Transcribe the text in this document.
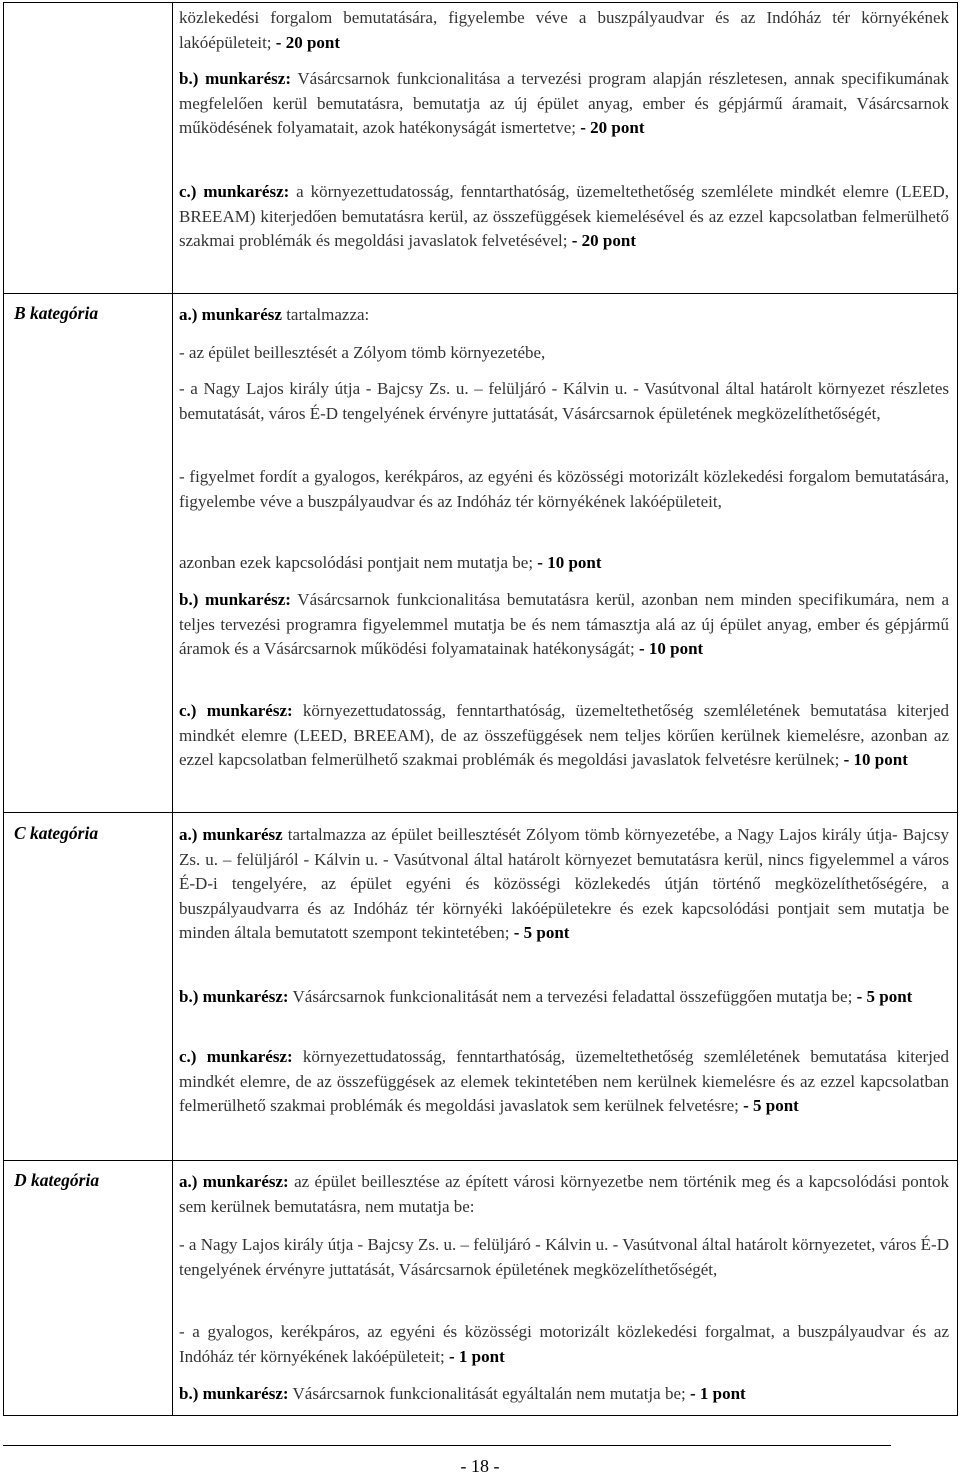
B kategória
C kategória
D kategória
közlekedési forgalom bemutatására, figyelembe véve a buszpályaudvar és az Indóház tér környékének lakóépületeit; - 20 pont
b.) munkarész: Vásárcsarnok funkcionalitása a tervezési program alapján részletesen, annak specifikumának megfelelően kerül bemutatásra, bemutatja az új épület anyag, ember és gépjármű áramait, Vásárcsarnok működésének folyamatait, azok hatékonyságát ismertetve; - 20 pont
c.) munkarész: a környezettudatosság, fenntarthatóság, üzemeltethetőség szemlélete mindkét elemre (LEED, BREEAM) kiterjedően bemutatásra kerül, az összefüggések kiemelésével és az ezzel kapcsolatban felmerülhető szakmai problémák és megoldási javaslatok felvetésével; - 20 pont
a.) munkarész tartalmazza:
- az épület beillesztését a Zólyom tömb környezetébe,
- a Nagy Lajos király útja - Bajcsy Zs. u. – felüljáró - Kálvin u. - Vasútvonal által határolt környezet részletes bemutatását, város É-D tengelyének érvényre juttatását, Vásárcsarnok épületének megközelíthetőségét,
- figyelmet fordít a gyalogos, kerékpáros, az egyéni és közösségi motorizált közlekedési forgalom bemutatására, figyelembe véve a buszpályaudvar és az Indóház tér környékének lakóépületeit,
azonban ezek kapcsolódási pontjait nem mutatja be; - 10 pont
b.) munkarész: Vásárcsarnok funkcionalitása bemutatásra kerül, azonban nem minden specifikumára, nem a teljes tervezési programra figyelemmel mutatja be és nem támasztja alá az új épület anyag, ember és gépjármű áramok és a Vásárcsarnok működési folyamatainak hatékonyságát; - 10 pont
c.) munkarész: környezettudatosság, fenntarthatóság, üzemeltethetőség szemléletének bemutatása kiterjed mindkét elemre (LEED, BREEAM), de az összefüggések nem teljes körűen kerülnek kiemelésre, azonban az ezzel kapcsolatban felmerülhető szakmai problémák és megoldási javaslatok felvetésre kerülnek; - 10 pont
a.) munkarész tartalmazza az épület beillesztését Zólyom tömb környezetébe, a Nagy Lajos király útja- Bajcsy Zs. u. – felüljáról - Kálvin u. - Vasútvonal által határolt környezet bemutatásra kerül, nincs figyelemmel a város É-D-i tengelyére, az épület egyéni és közösségi közlekedés útján történő megközelíthetőségére, a buszpályaudvarra és az Indóház tér környéki lakóépületekre és ezek kapcsolódási pontjait sem mutatja be minden általa bemutatott szempont tekintetében; - 5 pont
b.) munkarész: Vásárcsarnok funkcionalitását nem a tervezési feladattal összefüggően mutatja be; - 5 pont
c.) munkarész: környezettudatosság, fenntarthatóság, üzemeltethetőség szemléletének bemutatása kiterjed mindkét elemre, de az összefüggések az elemek tekintetében nem kerülnek kiemelésre és az ezzel kapcsolatban felmerülhető szakmai problémák és megoldási javaslatok sem kerülnek felvetésre; - 5 pont
a.) munkarész: az épület beillesztése az épített városi környezetbe nem történik meg és a kapcsolódási pontok sem kerülnek bemutatásra, nem mutatja be:
- a Nagy Lajos király útja - Bajcsy Zs. u. – felüljáró - Kálvin u. - Vasútvonal által határolt környezetet, város É-D tengelyének érvényre juttatását, Vásárcsarnok épületének megközelíthetőségét,
- a gyalogos, kerékpáros, az egyéni és közösségi motorizált közlekedési forgalmat, a buszpályaudvar és az Indóház tér környékének lakóépületeit; - 1 pont
b.) munkarész: Vásárcsarnok funkcionalitását egyáltalán nem mutatja be; - 1 pont
- 18 -
